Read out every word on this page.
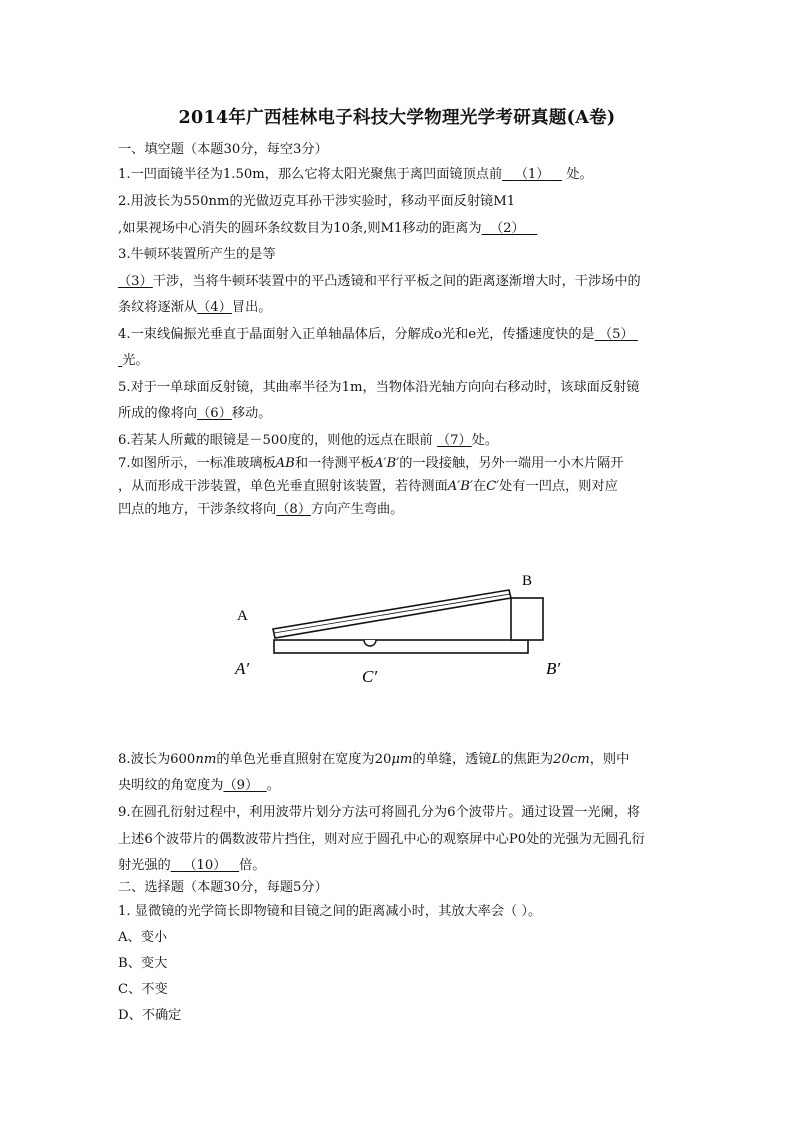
2014年广西桂林电子科技大学物理光学考研真题(A卷)
一、填空题（本题30分，每空3分）
1.一凹面镜半径为1.50m，那么它将太阳光聚焦于离凹面镜顶点前 （1）    处。
2.用波长为550nm的光做迈克耳孙干涉实验时，移动平面反射镜M1
,如果视场中心消失的圆环条纹数目为10条,则M1移动的距离为 （2）
3.牛顿环装置所产生的是等
（3）干涉，当将牛顿环装置中的平凸透镜和平行平板之间的距离逐渐增大时，干涉场中的
条纹将逐渐从（4）冒出。
4.一束线偏振光垂直于晶面射入正单轴晶体后，分解成o光和e光，传播速度快的是 （5）
光。
5.对于一单球面反射镜，其曲率半径为1m，当物体沿光轴方向向右移动时，该球面反射镜
所成的像将向（6）移动。
6.若某人所戴的眼镜是－500度的，则他的远点在眼前 （7）处。
7.如图所示，一标准玻璃板AB和一待测平板A′B′的一段接触，另外一端用一小木片隔开
，从而形成干涉装置，单色光垂直照射该装置，若待测面A′B′在C′处有一凹点，则对应
凹点的地方，干涉条纹将向（8）方向产生弯曲。
A
B
A′	C′	B′
8.波长为600nm的单色光垂直照射在宽度为20μm的单缝，透镜L的焦距为20cm，则中
央明纹的角宽度为（9） 。
9.在圆孔衍射过程中，利用波带片划分方法可将圆孔分为6个波带片。通过设置一光阑，将
上述6个波带片的偶数波带片挡住，则对应于圆孔中心的观察屏中心P0处的光强为无圆孔衍
射光强的 （10） 倍。
二、选择题（本题30分，每题5分）
1. 显微镜的光学筒长即物镜和目镜之间的距离减小时，其放大率会（ ）。
A、变小
B、变大
C、不变
D、不确定
